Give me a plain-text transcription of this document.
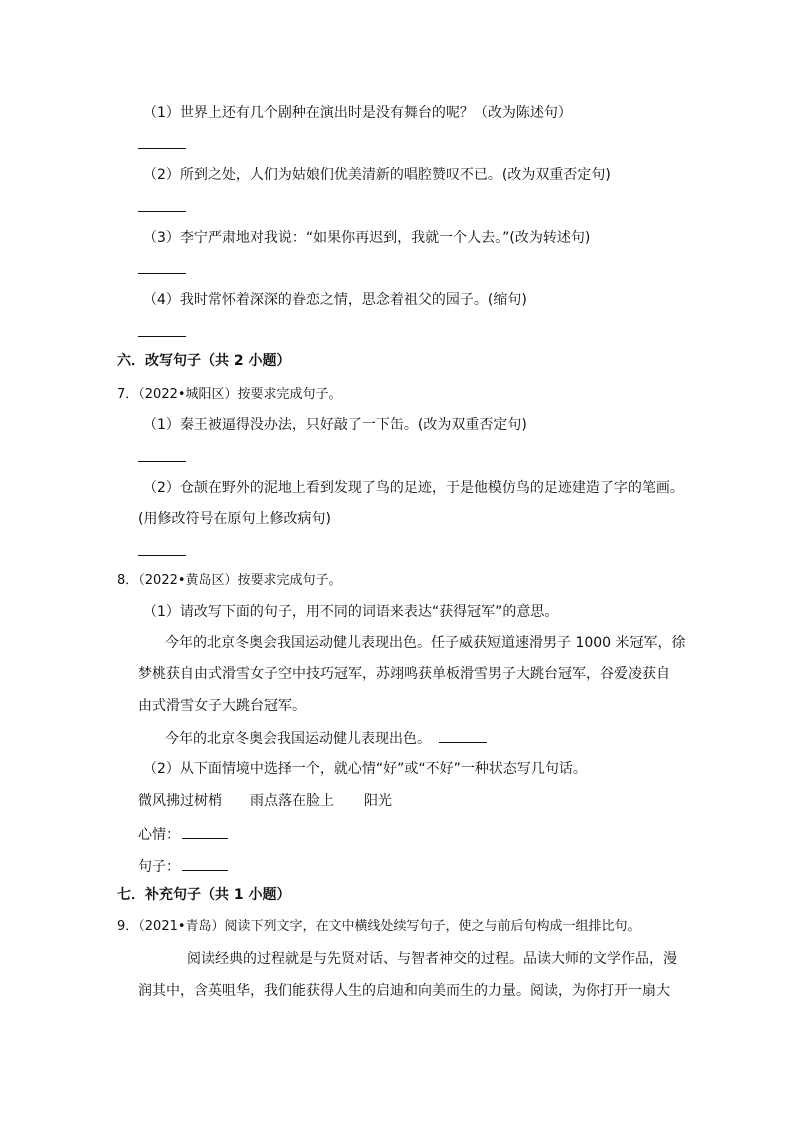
（1）世界上还有几个剧种在演出时是没有舞台的呢？（改为陈述句）
（2）所到之处，人们为姑娘们优美清新的唱腔赞叹不已。(改为双重否定句)
（3）李宁严肃地对我说：“如果你再迟到，我就一个人去。”(改为转述句)
（4）我时常怀着深深的眷恋之情，思念着祖父的园子。(缩句)
六．改写句子（共 2 小题）
7．（2022•城阳区）按要求完成句子。
（1）秦王被逼得没办法，只好敲了一下缶。(改为双重否定句)
（2）仓颉在野外的泥地上看到发现了鸟的足迹，于是他模仿鸟的足迹建造了字的笔画。
(用修改符号在原句上修改病句)
8．（2022•黄岛区）按要求完成句子。
（1）请改写下面的句子，用不同的词语来表达“获得冠军”的意思。
今年的北京冬奥会我国运动健儿表现出色。任子威获短道速滑男子 1000 米冠军，徐
梦桃获自由式滑雪女子空中技巧冠军，苏翊鸣获单板滑雪男子大跳台冠军，谷爱凌获自
由式滑雪女子大跳台冠军。
今年的北京冬奥会我国运动健儿表现出色。
（2）从下面情境中选择一个，就心情“好”或“不好”一种状态写几句话。
微风拂过树梢 雨点落在脸上 阳光
心情：
句子：
七．补充句子（共 1 小题）
9．（2021•青岛）阅读下列文字，在文中横线处续写句子，使之与前后句构成一组排比句。
阅读经典的过程就是与先贤对话、与智者神交的过程。品读大师的文学作品，漫
润其中，含英咀华，我们能获得人生的启迪和向美而生的力量。阅读，为你打开一扇大
